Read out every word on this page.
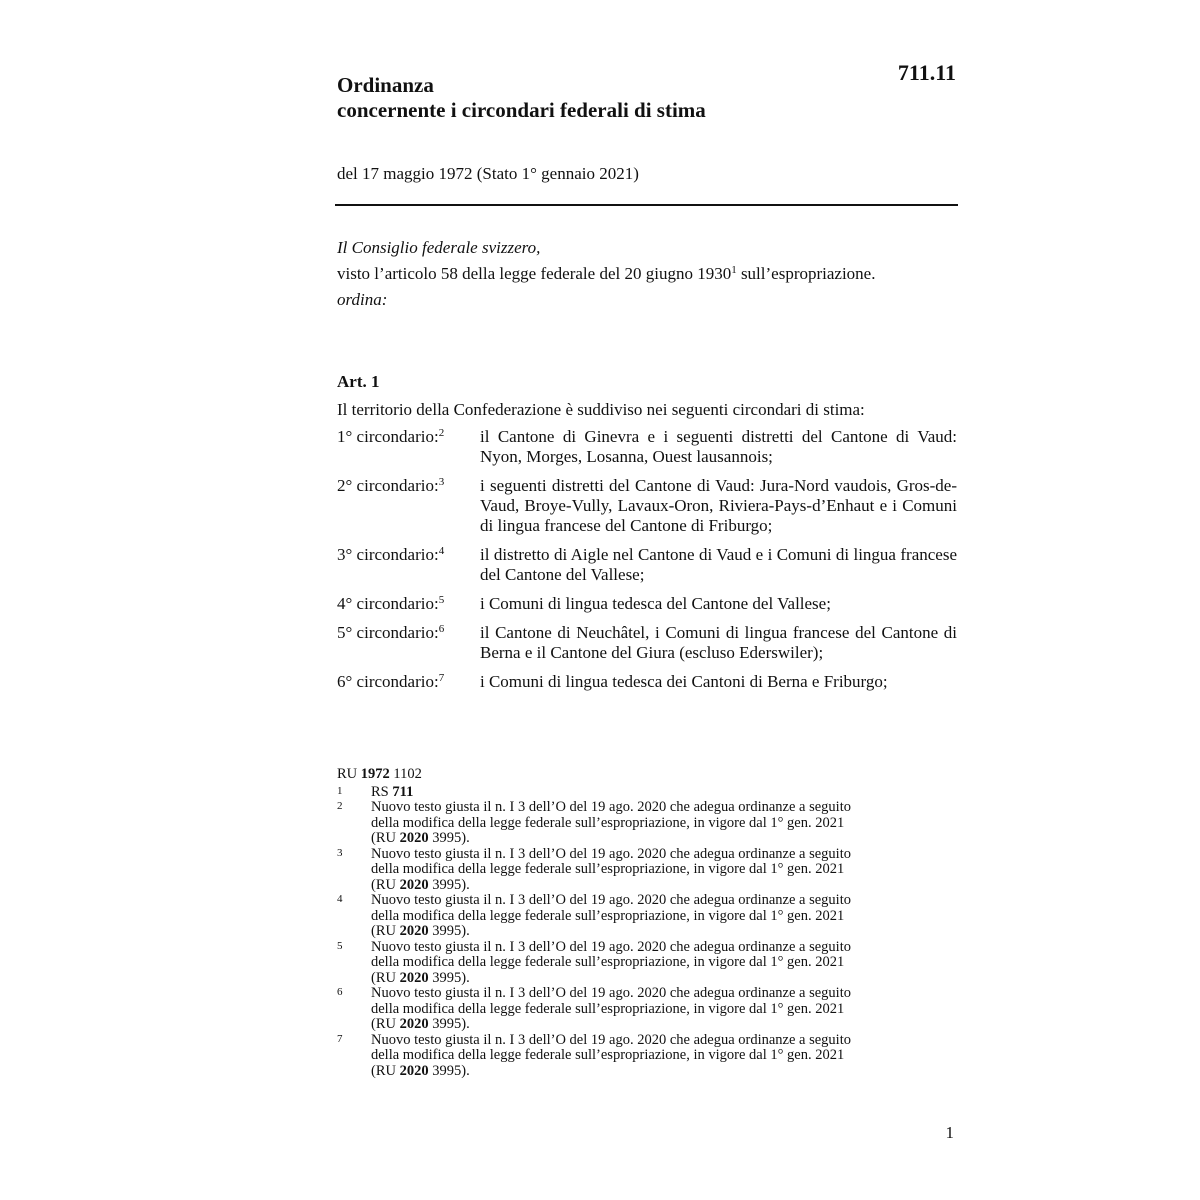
711.11
Ordinanza
concernente i circondari federali di stima
del 17 maggio 1972 (Stato 1° gennaio 2021)
Il Consiglio federale svizzero,
visto l’articolo 58 della legge federale del 20 giugno 1930$^1$ sull’espropriazione.
ordina:
Art. 1
Il territorio della Confederazione è suddiviso nei seguenti circondari di stima:
1° circondario:$^2$	il Cantone di Ginevra e i seguenti distretti del Cantone di Vaud: Nyon, Morges, Losanna, Ouest lausannois;
2° circondario:$^3$	i seguenti distretti del Cantone di Vaud: Jura-Nord vaudois, Gros-de-Vaud, Broye-Vully, Lavaux-Oron, Riviera-Pays-d’Enhaut e i Comuni di lingua francese del Cantone di Friburgo;
3° circondario:$^4$	il distretto di Aigle nel Cantone di Vaud e i Comuni di lingua francese del Cantone del Vallese;
4° circondario:$^5$	i Comuni di lingua tedesca del Cantone del Vallese;
5° circondario:$^6$	il Cantone di Neuchâtel, i Comuni di lingua francese del Cantone di Berna e il Cantone del Giura (escluso Ederswiler);
6° circondario:$^7$	i Comuni di lingua tedesca dei Cantoni di Berna e Friburgo;
RU 1972 1102
1	RS 711
2	Nuovo testo giusta il n. I 3 dell’O del 19 ago. 2020 che adegua ordinanze a seguito
della modifica della legge federale sull’espropriazione, in vigore dal 1° gen. 2021
(RU 2020 3995).
3	Nuovo testo giusta il n. I 3 dell’O del 19 ago. 2020 che adegua ordinanze a seguito
della modifica della legge federale sull’espropriazione, in vigore dal 1° gen. 2021
(RU 2020 3995).
4	Nuovo testo giusta il n. I 3 dell’O del 19 ago. 2020 che adegua ordinanze a seguito
della modifica della legge federale sull’espropriazione, in vigore dal 1° gen. 2021
(RU 2020 3995).
5	Nuovo testo giusta il n. I 3 dell’O del 19 ago. 2020 che adegua ordinanze a seguito
della modifica della legge federale sull’espropriazione, in vigore dal 1° gen. 2021
(RU 2020 3995).
6	Nuovo testo giusta il n. I 3 dell’O del 19 ago. 2020 che adegua ordinanze a seguito
della modifica della legge federale sull’espropriazione, in vigore dal 1° gen. 2021
(RU 2020 3995).
7	Nuovo testo giusta il n. I 3 dell’O del 19 ago. 2020 che adegua ordinanze a seguito
della modifica della legge federale sull’espropriazione, in vigore dal 1° gen. 2021
(RU 2020 3995).
1
